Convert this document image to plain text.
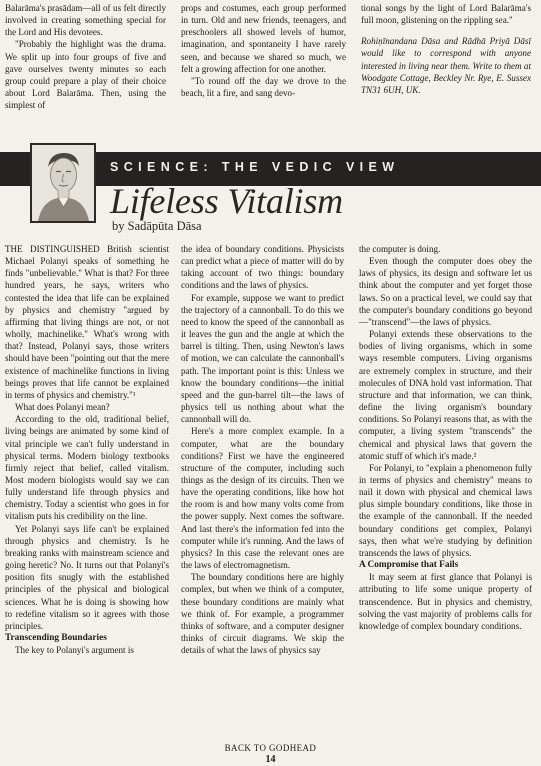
Balarāma's prasādam—all of us felt directly involved in creating something special for the Lord and His devotees.

"Probably the highlight was the drama. We split up into four groups of five and gave ourselves twenty minutes so each group could prepare a play of their choice about Lord Balarāma. Then, using the simplest of

props and costumes, each group performed in turn. Old and new friends, teenagers, and preschoolers all showed levels of humor, imagination, and spontaneity I have rarely seen, and because we shared so much, we felt a growing affection for one another.

"To round off the day we drove to the beach, lit a fire, and sang devo-

tional songs by the light of Lord Balarāma's full moon, glistening on the rippling sea."

Rohiṇīnandana Dāsa and Rādhā Priyā Dāsī would like to correspond with anyone interested in living near them. Write to them at Woodgate Cottage, Beckley Nr. Rye, E. Sussex TN31 6UH, UK.

SCIENCE: THE VEDIC VIEW
Lifeless Vitalism
by Sadāpūta Dāsa

THE DISTINGUISHED British scientist Michael Polanyi speaks of something he finds "unbelievable." What is that? For three hundred years, he says, writers who contested the idea that life can be explained by physics and chemistry "argued by affirming that living things are not, or not wholly, machinelike." What's wrong with that? Instead, Polanyi says, those writers should have been "pointing out that the mere existence of machinelike functions in living beings proves that life cannot be explained in terms of physics and chemistry."¹

What does Polanyi mean?

According to the old, traditional belief, living beings are animated by some kind of vital principle we can't fully understand in physical terms. Modern biology textbooks firmly reject that belief, called vitalism. Most modern biologists would say we can fully understand life through physics and chemistry. Today a scientist who goes in for vitalism puts his credibility on the line.

Yet Polanyi says life can't be explained through physics and chemistry. Is he breaking ranks with mainstream science and going heretic? No. It turns out that Polanyi's position fits snugly with the established principles of the physical and biological sciences. What he is doing is showing how to redefine vitalism so it agrees with those principles.

Transcending Boundaries

The key to Polanyi's argument is

the idea of boundary conditions. Physicists can predict what a piece of matter will do by taking account of two things: boundary conditions and the laws of physics.

For example, suppose we want to predict the trajectory of a cannonball. To do this we need to know the speed of the cannonball as it leaves the gun and the angle at which the barrel is tilting. Then, using Newton's laws of motion, we can calculate the cannonball's path. The important point is this: Unless we know the boundary conditions—the initial speed and the gun-barrel tilt—the laws of physics tell us nothing about what the cannonball will do.

Here's a more complex example. In a computer, what are the boundary conditions? First we have the engineered structure of the computer, including such things as the design of its circuits. Then we have the operating conditions, like how hot the room is and how many volts come from the power supply. Next comes the software. And last there's the information fed into the computer while it's running. And the laws of physics? In this case the relevant ones are the laws of electromagnetism.

The boundary conditions here are highly complex, but when we think of a computer, these boundary conditions are mainly what we think of. For example, a programmer thinks of software, and a computer designer thinks of circuit diagrams. We skip the details of what the laws of physics say

the computer is doing.

Even though the computer does obey the laws of physics, its design and software let us think about the computer and yet forget those laws. So on a practical level, we could say that the computer's boundary conditions go beyond—"transcend"—the laws of physics.

Polanyi extends these observations to the bodies of living organisms, which in some ways resemble computers. Living organisms are extremely complex in structure, and their molecules of DNA hold vast information. That structure and that information, we can think, define the living organism's boundary conditions. So Polanyi reasons that, as with the computer, a living system "transcends" the chemical and physical laws that govern the atomic stuff of which it's made.²

For Polanyi, to "explain a phenomenon fully in terms of physics and chemistry" means to nail it down with physical and chemical laws plus simple boundary conditions, like those in the example of the cannonball. If the needed boundary conditions get complex, Polanyi says, then what we're studying by definition transcends the laws of physics.

A Compromise that Fails

It may seem at first glance that Polanyi is attributing to life some unique property of transcendence. But in physics and chemistry, solving the vast majority of problems calls for knowledge of complex boundary conditions.

BACK TO GODHEAD
14
